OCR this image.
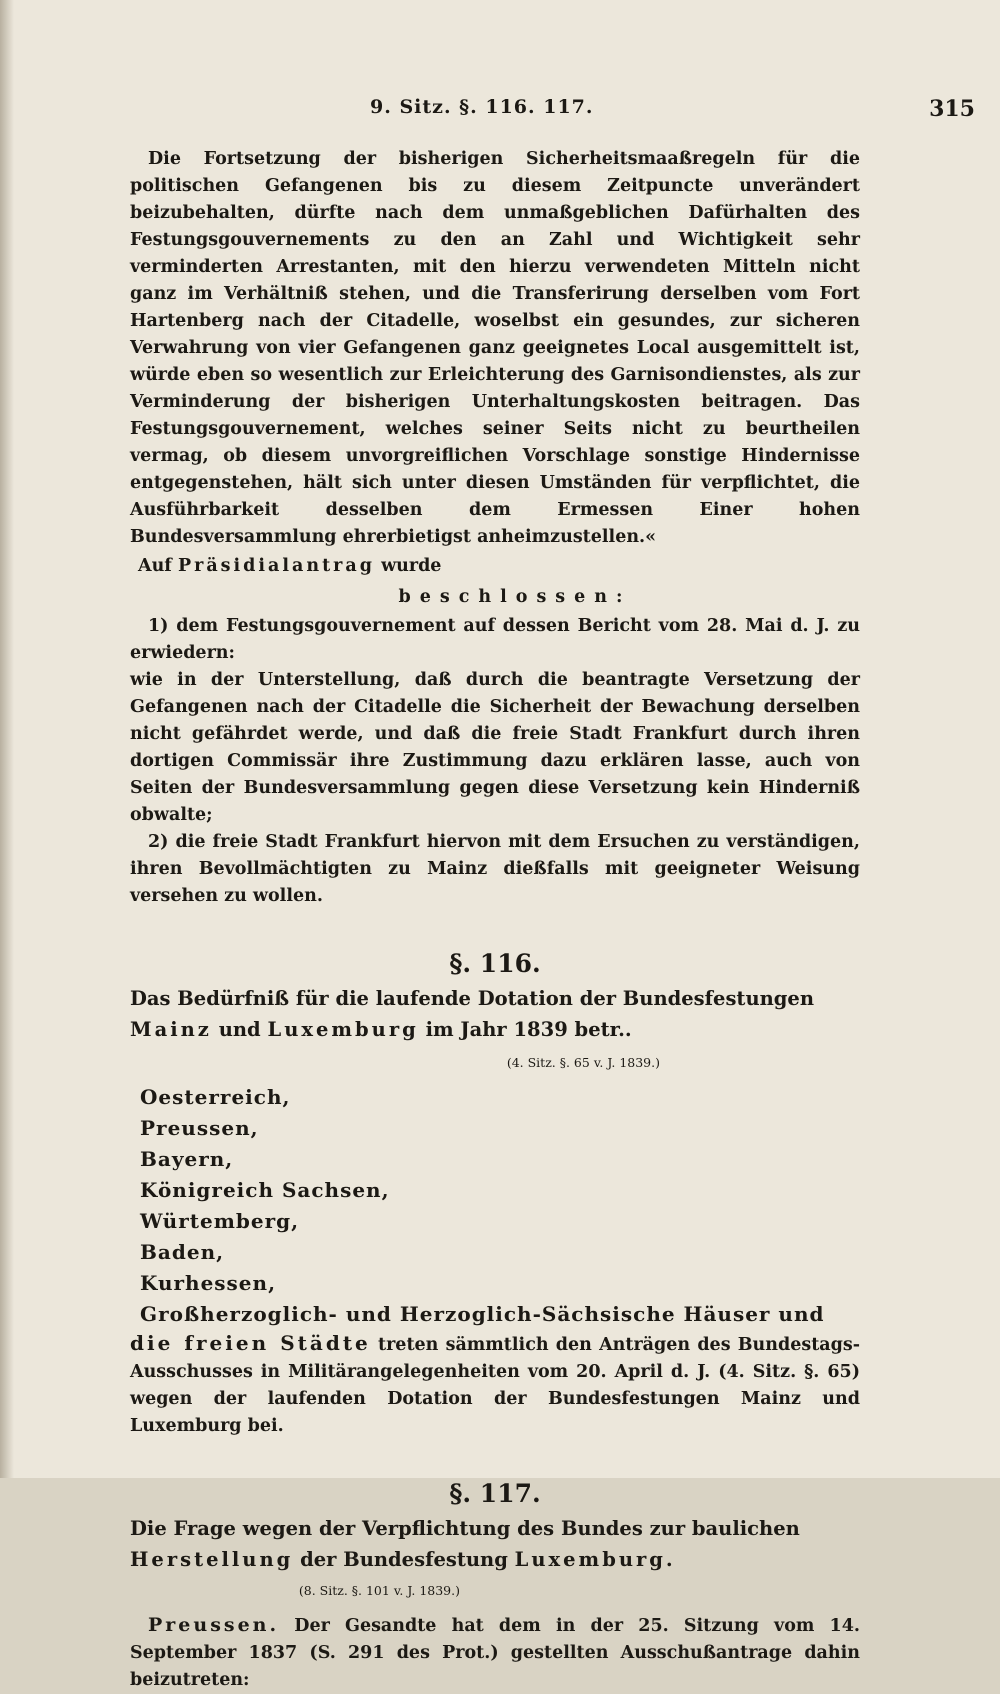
9. Sitz. §. 116. 117.	315

Die Fortsetzung der bisherigen Sicherheitsmaaßregeln für die politischen Gefangenen bis zu diesem Zeitpuncte unverändert beizubehalten, dürfte nach dem unmaßgeblichen Dafürhalten des Festungsgouvernements zu den an Zahl und Wichtigkeit sehr verminderten Arrestanten, mit den hierzu verwendeten Mitteln nicht ganz im Verhältniß stehen, und die Transferirung derselben vom Fort Hartenberg nach der Citadelle, woselbst ein gesundes, zur sicheren Verwahrung von vier Gefangenen ganz geeignetes Local ausgemittelt ist, würde eben so wesentlich zur Erleichterung des Garnisondienstes, als zur Verminderung der bisherigen Unterhaltungskosten beitragen. Das Festungsgouvernement, welches seiner Seits nicht zu beurtheilen vermag, ob diesem unvorgreiflichen Vorschlage sonstige Hindernisse entgegenstehen, hält sich unter diesen Umständen für verpflichtet, die Ausführbarkeit desselben dem Ermessen Einer hohen Bundesversammlung ehrerbietigst anheimzustellen.«

Auf Präsidialantrag wurde

beschlossen:

1) dem Festungsgouvernement auf dessen Bericht vom 28. Mai d. J. zu erwiedern:

wie in der Unterstellung, daß durch die beantragte Versetzung der Gefangenen nach der Citadelle die Sicherheit der Bewachung derselben nicht gefährdet werde, und daß die freie Stadt Frankfurt durch ihren dortigen Commissär ihre Zustimmung dazu erklären lasse, auch von Seiten der Bundesversammlung gegen diese Versetzung kein Hinderniß obwalte;

2) die freie Stadt Frankfurt hiervon mit dem Ersuchen zu verständigen, ihren Bevollmächtigten zu Mainz dießfalls mit geeigneter Weisung versehen zu wollen.

§. 116.

Das Bedürfniß für die laufende Dotation der Bundesfestungen Mainz und Luxemburg im Jahr 1839 betr..

(4. Sitz. §. 65 v. J. 1839.)

Oesterreich,
Preussen,
Bayern,
Königreich Sachsen,
Würtemberg,
Baden,
Kurhessen,
Großherzoglich- und Herzoglich-Sächsische Häuser und

die freien Städte treten sämmtlich den Anträgen des Bundestags-Ausschusses in Militärangelegenheiten vom 20. April d. J. (4. Sitz. §. 65) wegen der laufenden Dotation der Bundesfestungen Mainz und Luxemburg bei.

§. 117.

Die Frage wegen der Verpflichtung des Bundes zur baulichen Herstellung der Bundesfestung Luxemburg.

(8. Sitz. §. 101 v. J. 1839.)

Preussen. Der Gesandte hat dem in der 25. Sitzung vom 14. September 1837 (S. 291 des Prot.) gestellten Ausschußantrage dahin beizutreten:
